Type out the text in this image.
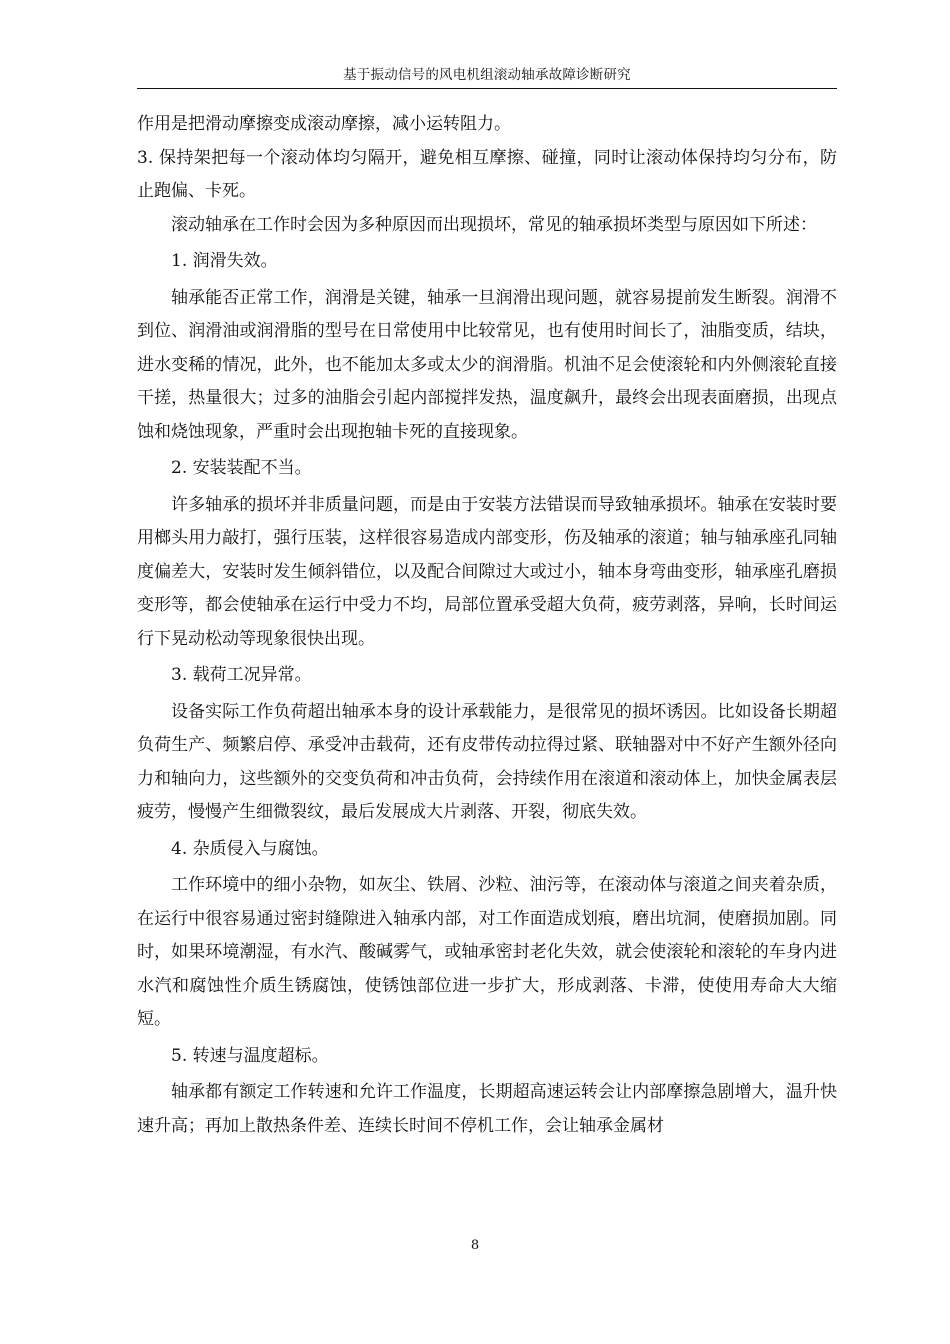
基于振动信号的风电机组滚动轴承故障诊断研究

作用是把滑动摩擦变成滚动摩擦，减小运转阻力。

3. 保持架把每一个滚动体均匀隔开，避免相互摩擦、碰撞，同时让滚动体保持均匀分布，防止跑偏、卡死。

滚动轴承在工作时会因为多种原因而出现损坏，常见的轴承损坏类型与原因如下所述：

1. 润滑失效。

轴承能否正常工作，润滑是关键，轴承一旦润滑出现问题，就容易提前发生断裂。润滑不到位、润滑油或润滑脂的型号在日常使用中比较常见，也有使用时间长了，油脂变质，结块，进水变稀的情况，此外，也不能加太多或太少的润滑脂。机油不足会使滚轮和内外侧滚轮直接干搓，热量很大；过多的油脂会引起内部搅拌发热，温度飙升，最终会出现表面磨损，出现点蚀和烧蚀现象，严重时会出现抱轴卡死的直接现象。

2. 安装装配不当。

许多轴承的损坏并非质量问题，而是由于安装方法错误而导致轴承损坏。轴承在安装时要用榔头用力敲打，强行压装，这样很容易造成内部变形，伤及轴承的滚道；轴与轴承座孔同轴度偏差大，安装时发生倾斜错位，以及配合间隙过大或过小，轴本身弯曲变形，轴承座孔磨损变形等，都会使轴承在运行中受力不均，局部位置承受超大负荷，疲劳剥落，异响，长时间运行下晃动松动等现象很快出现。

3. 载荷工况异常。

设备实际工作负荷超出轴承本身的设计承载能力，是很常见的损坏诱因。比如设备长期超负荷生产、频繁启停、承受冲击载荷，还有皮带传动拉得过紧、联轴器对中不好产生额外径向力和轴向力，这些额外的交变负荷和冲击负荷，会持续作用在滚道和滚动体上，加快金属表层疲劳，慢慢产生细微裂纹，最后发展成大片剥落、开裂，彻底失效。

4. 杂质侵入与腐蚀。

工作环境中的细小杂物，如灰尘、铁屑、沙粒、油污等，在滚动体与滚道之间夹着杂质，在运行中很容易通过密封缝隙进入轴承内部，对工作面造成划痕，磨出坑洞，使磨损加剧。同时，如果环境潮湿，有水汽、酸碱雾气，或轴承密封老化失效，就会使滚轮和滚轮的车身内进水汽和腐蚀性介质生锈腐蚀，使锈蚀部位进一步扩大，形成剥落、卡滞，使使用寿命大大缩短。

5. 转速与温度超标。

轴承都有额定工作转速和允许工作温度，长期超高速运转会让内部摩擦急剧增大，温升快速升高；再加上散热条件差、连续长时间不停机工作，会让轴承金属材

8
